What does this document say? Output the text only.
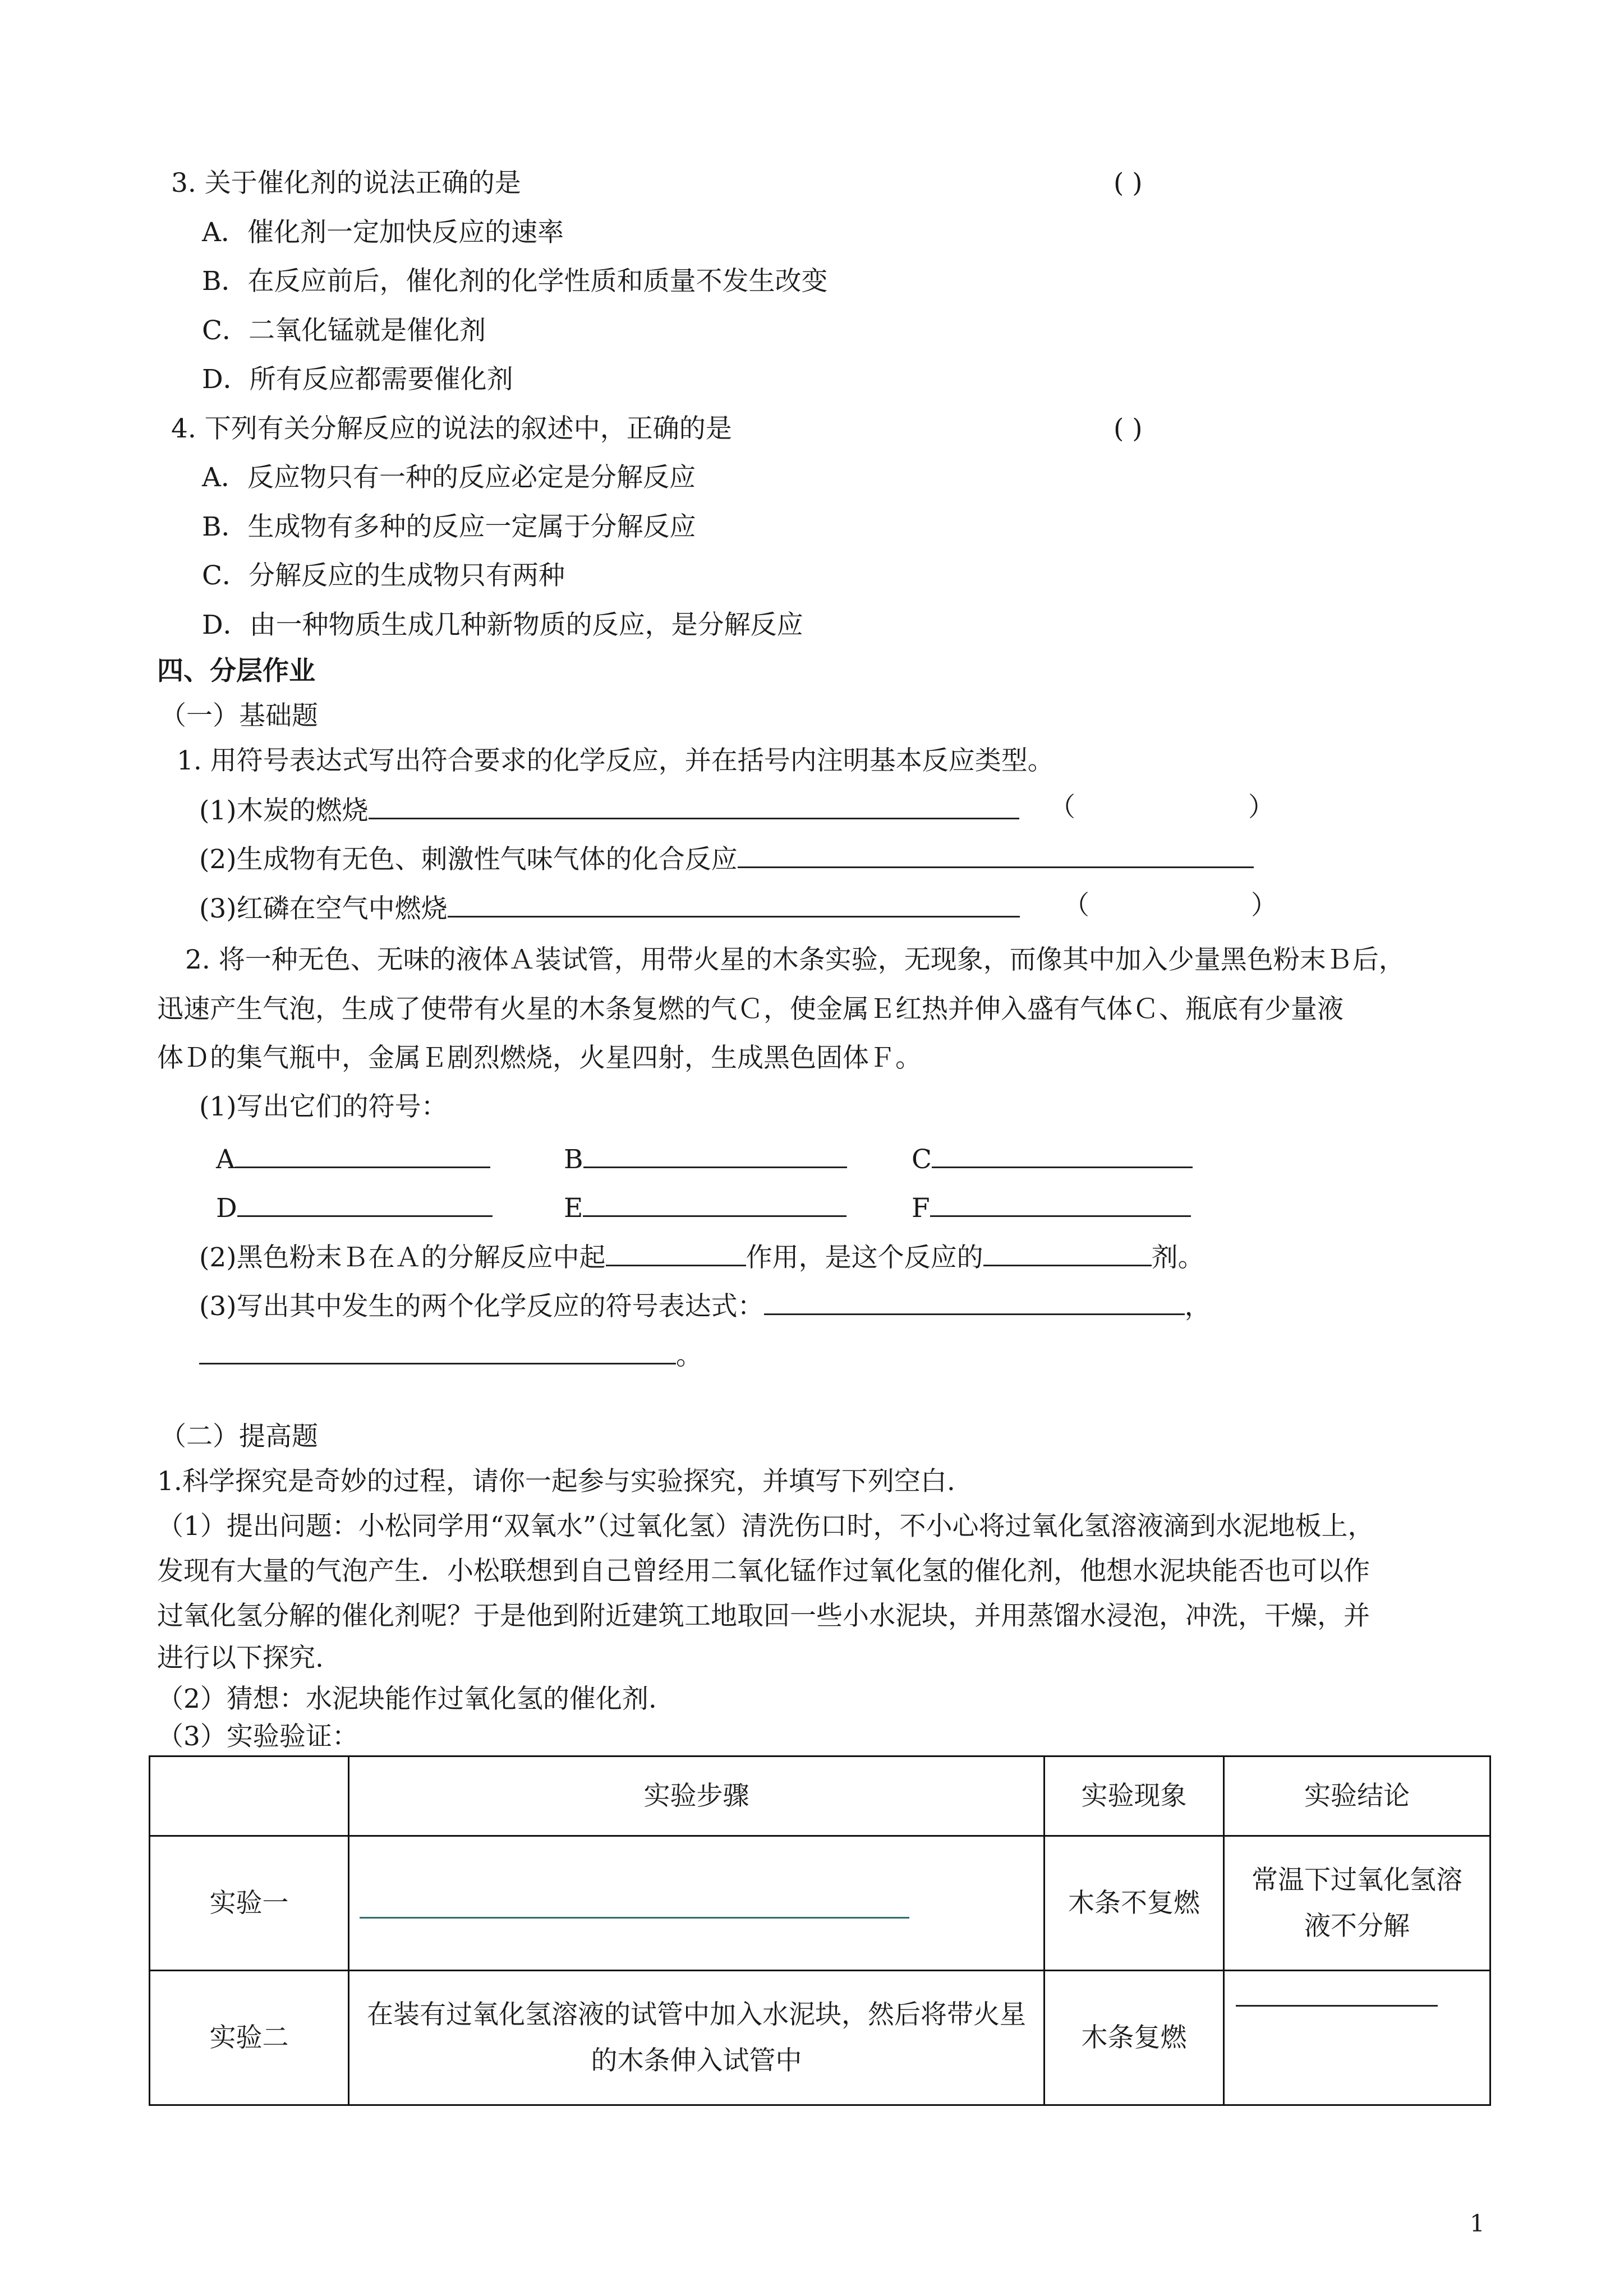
3. 关于催化剂的说法正确的是	( )
A．催化剂一定加快反应的速率
B．在反应前后，催化剂的化学性质和质量不发生改变
C．二氧化锰就是催化剂
D．所有反应都需要催化剂
4. 下列有关分解反应的说法的叙述中，正确的是	( )
A．反应物只有一种的反应必定是分解反应
B．生成物有多种的反应一定属于分解反应
C．分解反应的生成物只有两种
D．由一种物质生成几种新物质的反应，是分解反应
四、分层作业
（一）基础题
1. 用符号表达式写出符合要求的化学反应，并在括号内注明基本反应类型。
(1)木炭的燃烧	（	）
(2)生成物有无色、刺激性气味气体的化合反应
(3)红磷在空气中燃烧	（	）
2. 将一种无色、无味的液体Ａ装试管，用带火星的木条实验，无现象，而像其中加入少量黑色粉末Ｂ后，
迅速产生气泡，生成了使带有火星的木条复燃的气Ｃ，使金属Ｅ红热并伸入盛有气体Ｃ、瓶底有少量液
体Ｄ的集气瓶中，金属Ｅ剧烈燃烧，火星四射，生成黑色固体Ｆ。
(1)写出它们的符号：
A	B	C
D	E	F
(2)黑色粉末Ｂ在Ａ的分解反应中起	作用，是这个反应的	剂。
(3)写出其中发生的两个化学反应的符号表达式：	，
。
（二）提高题
1.科学探究是奇妙的过程，请你一起参与实验探究，并填写下列空白.
（1）提出问题：小松同学用“双氧水”（过氧化氢）清洗伤口时，不小心将过氧化氢溶液滴到水泥地板上，
发现有大量的气泡产生．小松联想到自己曾经用二氧化锰作过氧化氢的催化剂，他想水泥块能否也可以作
过氧化氢分解的催化剂呢？于是他到附近建筑工地取回一些小水泥块，并用蒸馏水浸泡，冲洗，干燥，并
进行以下探究.
（2）猜想：水泥块能作过氧化氢的催化剂.
（3）实验验证：
	实验步骤	实验现象	实验结论
实验一		木条不复燃	常温下过氧化氢溶液不分解
实验二	在装有过氧化氢溶液的试管中加入水泥块，然后将带火星的木条伸入试管中	木条复燃	
1
